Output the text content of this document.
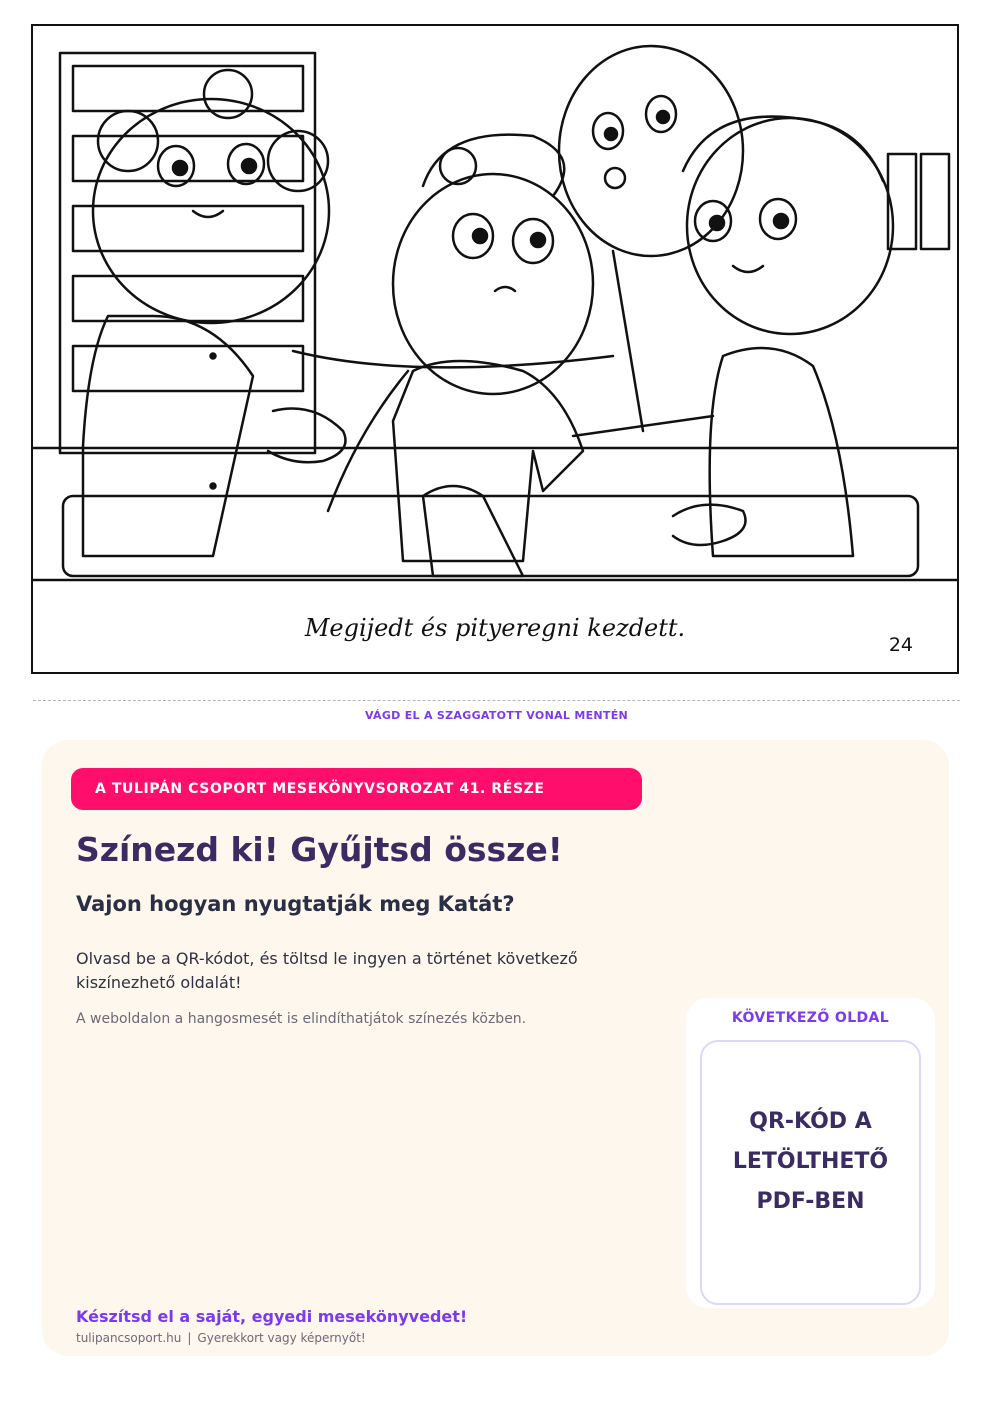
Megijedt és pityeregni kezdett.
24
VÁGD EL A SZAGGATOTT VONAL MENTÉN
A TULIPÁN CSOPORT MESEKÖNYVSOROZAT 41. RÉSZE
Színezd ki! Gyűjtsd össze!
Vajon hogyan nyugtatják meg Katát?

Olvasd be a QR-kódot, és töltsd le ingyen a történet következő kiszínezhető oldalát!

A weboldalon a hangosmesét is elindíthatjátok színezés közben.	KÖVETKEZŐ OLDAL
QR-KÓD A
LETÖLTHETŐ
PDF-BEN
Készítsd el a saját, egyedi mesekönyvedet!
tulipancsoport.hu | Gyerekkort vagy képernyőt!
